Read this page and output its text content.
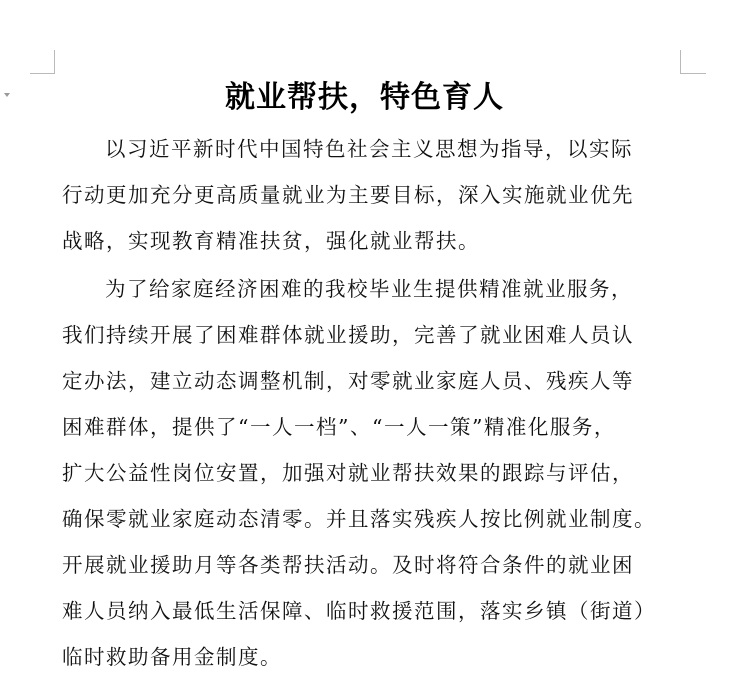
就业帮扶，特色育人
以习近平新时代中国特色社会主义思想为指导，以实际
行动更加充分更高质量就业为主要目标，深入实施就业优先
战略，实现教育精准扶贫，强化就业帮扶。
为了给家庭经济困难的我校毕业生提供精准就业服务，
我们持续开展了困难群体就业援助，完善了就业困难人员认
定办法，建立动态调整机制，对零就业家庭人员、残疾人等
困难群体，提供了“一人一档”、“一人一策”精准化服务，
扩大公益性岗位安置，加强对就业帮扶效果的跟踪与评估，
确保零就业家庭动态清零。并且落实残疾人按比例就业制度。
开展就业援助月等各类帮扶活动。及时将符合条件的就业困
难人员纳入最低生活保障、临时救援范围，落实乡镇（街道）
临时救助备用金制度。
